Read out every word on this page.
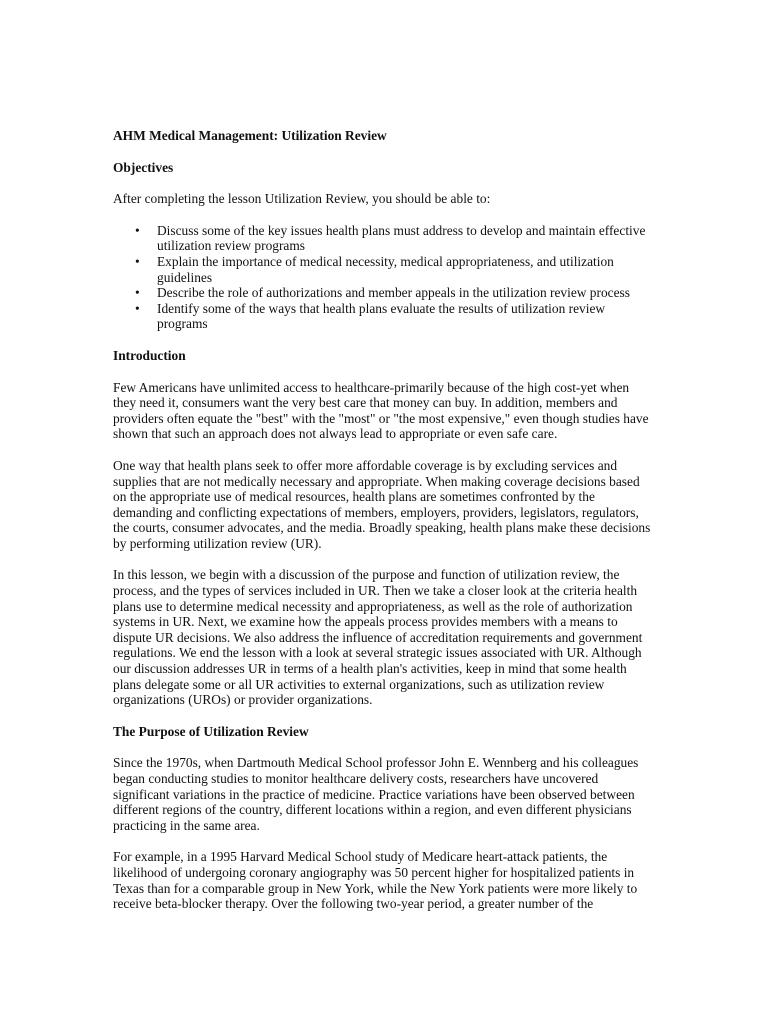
AHM Medical Management: Utilization Review
Objectives

After completing the lesson Utilization Review, you should be able to:

• Discuss some of the key issues health plans must address to develop and maintain effective utilization review programs
• Explain the importance of medical necessity, medical appropriateness, and utilization guidelines
• Describe the role of authorizations and member appeals in the utilization review process
• Identify some of the ways that health plans evaluate the results of utilization review programs
Introduction

Few Americans have unlimited access to healthcare-primarily because of the high cost-yet when they need it, consumers want the very best care that money can buy. In addition, members and providers often equate the "best" with the "most" or "the most expensive," even though studies have shown that such an approach does not always lead to appropriate or even safe care.

One way that health plans seek to offer more affordable coverage is by excluding services and supplies that are not medically necessary and appropriate. When making coverage decisions based on the appropriate use of medical resources, health plans are sometimes confronted by the demanding and conflicting expectations of members, employers, providers, legislators, regulators, the courts, consumer advocates, and the media. Broadly speaking, health plans make these decisions by performing utilization review (UR).

In this lesson, we begin with a discussion of the purpose and function of utilization review, the process, and the types of services included in UR. Then we take a closer look at the criteria health plans use to determine medical necessity and appropriateness, as well as the role of authorization systems in UR. Next, we examine how the appeals process provides members with a means to dispute UR decisions. We also address the influence of accreditation requirements and government regulations. We end the lesson with a look at several strategic issues associated with UR. Although our discussion addresses UR in terms of a health plan's activities, keep in mind that some health plans delegate some or all UR activities to external organizations, such as utilization review organizations (UROs) or provider organizations.

The Purpose of Utilization Review

Since the 1970s, when Dartmouth Medical School professor John E. Wennberg and his colleagues began conducting studies to monitor healthcare delivery costs, researchers have uncovered significant variations in the practice of medicine. Practice variations have been observed between different regions of the country, different locations within a region, and even different physicians practicing in the same area.

For example, in a 1995 Harvard Medical School study of Medicare heart-attack patients, the likelihood of undergoing coronary angiography was 50 percent higher for hospitalized patients in Texas than for a comparable group in New York, while the New York patients were more likely to receive beta-blocker therapy. Over the following two-year period, a greater number of the
